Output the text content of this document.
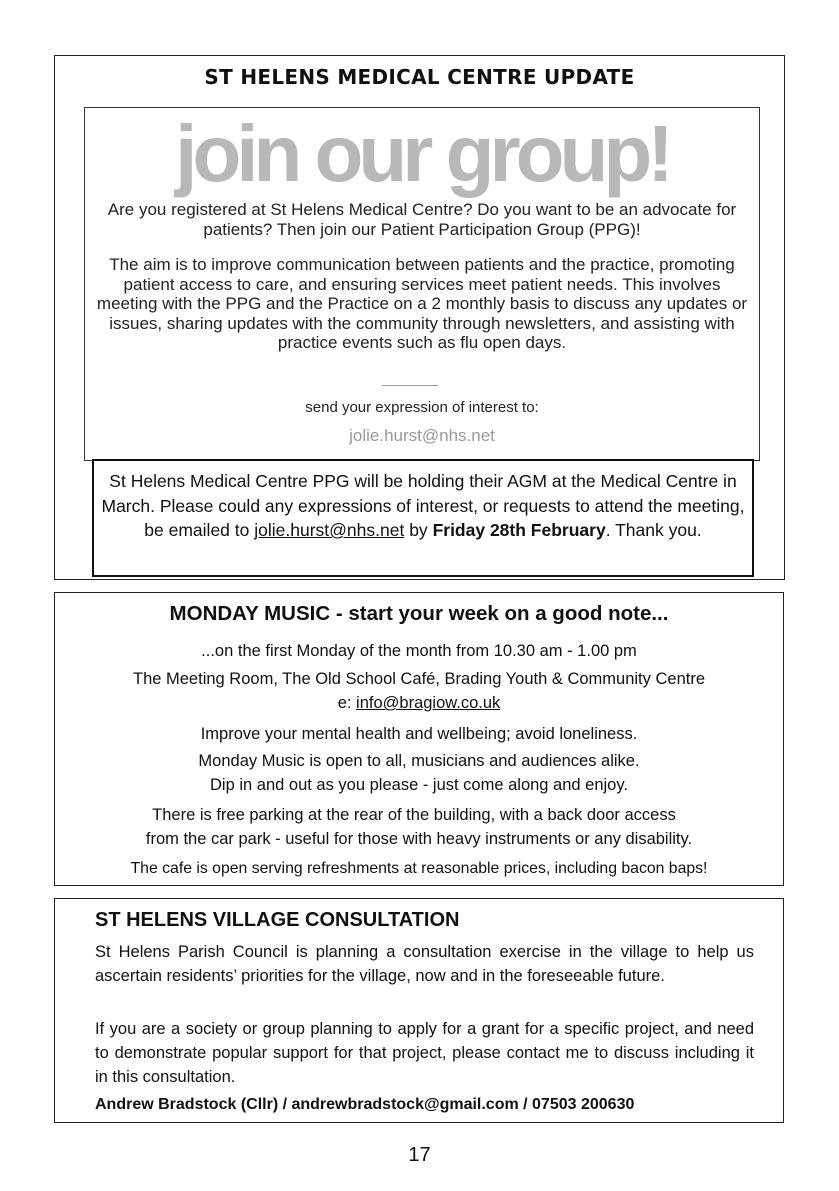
ST HELENS MEDICAL CENTRE UPDATE
join our group!
Are you registered at St Helens Medical Centre? Do you want to be an advocate for patients? Then join our Patient Participation Group (PPG)!
The aim is to improve communication between patients and the practice, promoting patient access to care, and ensuring services meet patient needs. This involves meeting with the PPG and the Practice on a 2 monthly basis to discuss any updates or issues, sharing updates with the community through newsletters, and assisting with practice events such as flu open days.
send your expression of interest to:
jolie.hurst@nhs.net
St Helens Medical Centre PPG will be holding their AGM at the Medical Centre in March. Please could any expressions of interest, or requests to attend the meeting, be emailed to jolie.hurst@nhs.net by Friday 28th February. Thank you.
MONDAY MUSIC - start your week on a good note...
...on the first Monday of the month from 10.30 am - 1.00 pm
The Meeting Room, The Old School Café, Brading Youth & Community Centre
e: info@bragiow.co.uk
Improve your mental health and wellbeing; avoid loneliness.
Monday Music is open to all, musicians and audiences alike.
Dip in and out as you please - just come along and enjoy.
There is free parking at the rear of the building, with a back door access
from the car park - useful for those with heavy instruments or any disability.
The cafe is open serving refreshments at reasonable prices, including bacon baps!
ST HELENS VILLAGE CONSULTATION
St Helens Parish Council is planning a consultation exercise in the village to help us ascertain residents’ priorities for the village, now and in the foreseeable future.
If you are a society or group planning to apply for a grant for a specific project, and need to demonstrate popular support for that project, please contact me to discuss including it in this consultation.
Andrew Bradstock (Cllr) / andrewbradstock@gmail.com / 07503 200630
17
